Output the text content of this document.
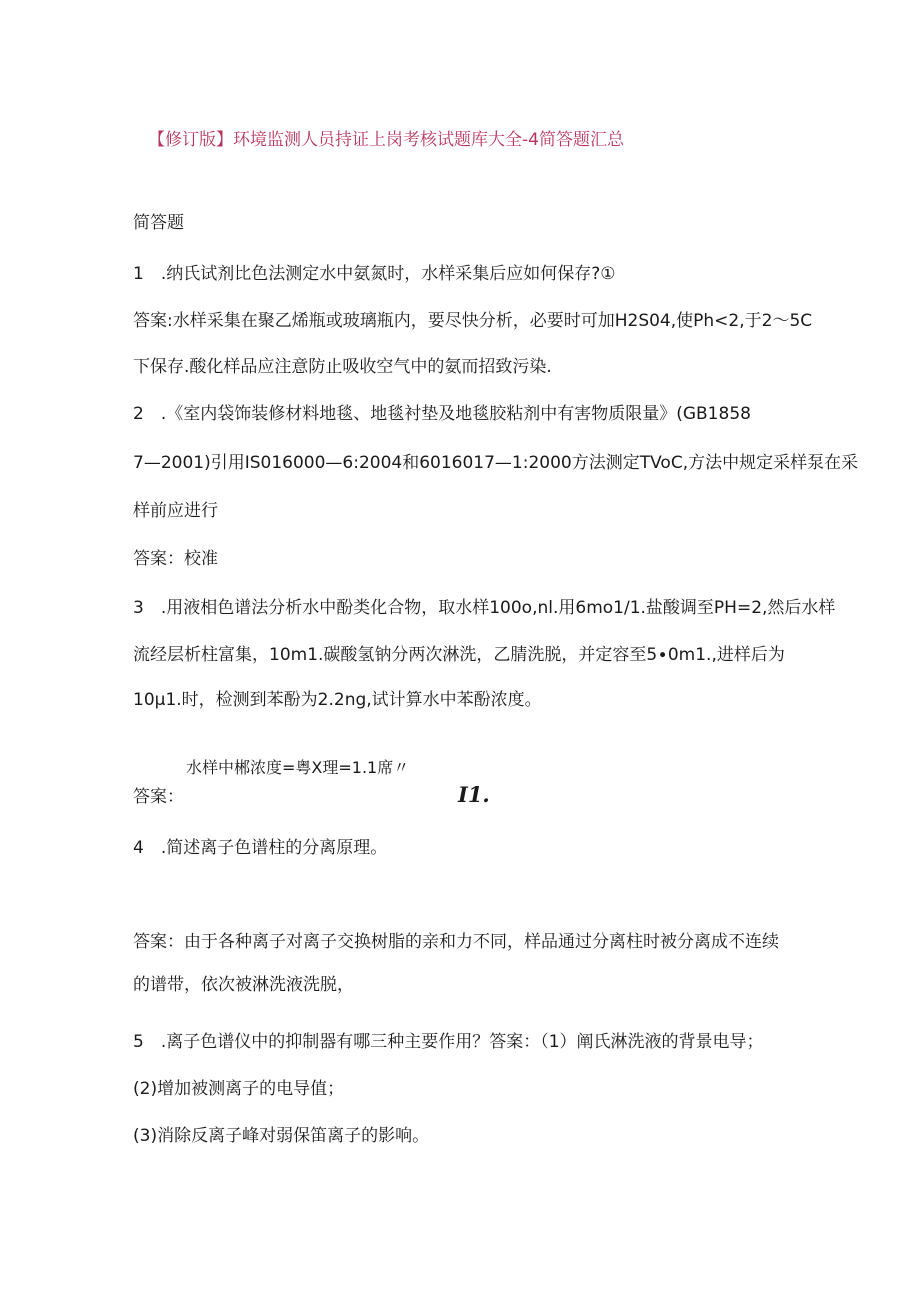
【修订版】环境监测人员持证上岗考核试题库大全-4简答题汇总
简答题
1　.纳氏试剂比色法测定水中氨氮时，水样采集后应如何保存?①
答案:水样采集在聚乙烯瓶或玻璃瓶内，要尽快分析，必要时可加H2S04,使Ph<2,于2～5C
下保存.酸化样品应注意防止吸收空气中的氨而招致污染.
2　.《室内袋饰装修材料地毯、地毯衬垫及地毯胶粘剂中有害物质限量》(GB1858
7—2001)引用IS016000—6:2004和6016017—1:2000方法测定TVoC,方法中规定采样泵在采
样前应进行
答案：校准
3　.用液相色谱法分析水中酚类化合物，取水样100o,nl.用6mo1∕1.盐酸调至PH=2,然后水样
流经层析柱富集，10m1.碳酸氢钠分两次淋洗，乙腈洗脱，并定容至5∙0m1.,进样后为
10μ1.时，检测到苯酚为2.2ng,试计算水中苯酚浓度。
水样中郴浓度=粤X理=1.1席〃
答案：	I1.
4　.简述离子色谱柱的分离原理。
答案：由于各种离子对离子交换树脂的亲和力不同，样品通过分离柱时被分离成不连续
的谱带，依次被淋洗液洗脱，
5　.离子色谱仪中的抑制器有哪三种主要作用？答案：（1）阐氏淋洗液的背景电导；
(2)增加被测离子的电导值；
(3)消除反离子峰对弱保笛离子的影响。
